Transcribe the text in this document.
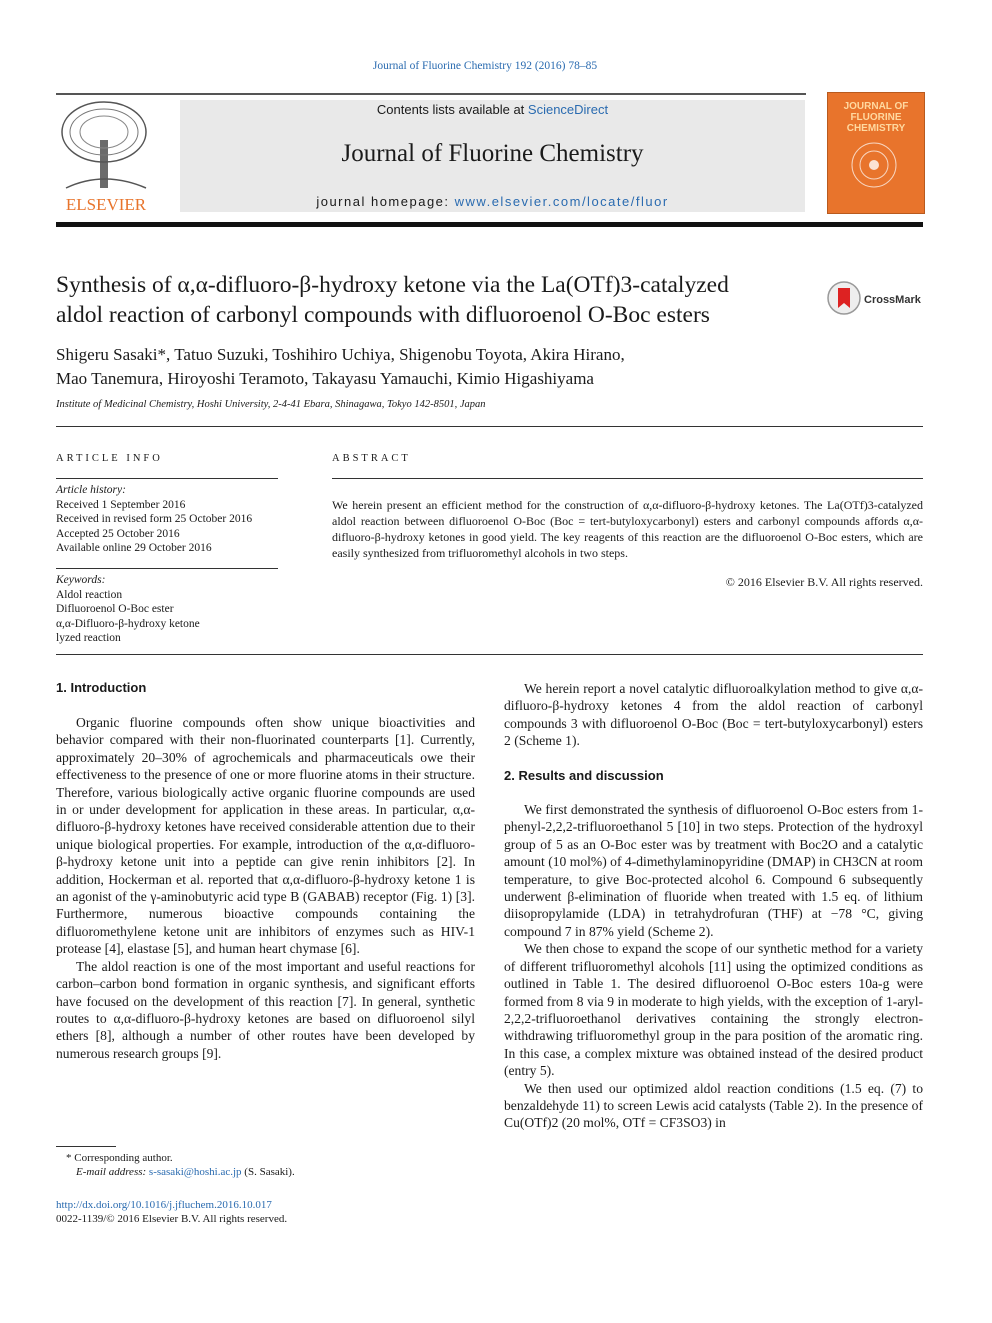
Journal of Fluorine Chemistry 192 (2016) 78–85
ELSEVIER
Contents lists available at ScienceDirect
Journal of Fluorine Chemistry
journal homepage: www.elsevier.com/locate/fluor
JOURNAL OF FLUORINE CHEMISTRY
Synthesis of α,α-difluoro-β-hydroxy ketone via the La(OTf)3-catalyzed
aldol reaction of carbonyl compounds with difluoroenol O-Boc esters
CrossMark
Shigeru Sasaki*, Tatuo Suzuki, Toshihiro Uchiya, Shigenobu Toyota, Akira Hirano,
Mao Tanemura, Hiroyoshi Teramoto, Takayasu Yamauchi, Kimio Higashiyama
Institute of Medicinal Chemistry, Hoshi University, 2-4-41 Ebara, Shinagawa, Tokyo 142-8501, Japan
ARTICLE INFO
Article history:
Received 1 September 2016
Received in revised form 25 October 2016
Accepted 25 October 2016
Available online 29 October 2016
Keywords:
Aldol reaction
Difluoroenol O-Boc ester
α,α-Difluoro-β-hydroxy ketone
lyzed reaction
ABSTRACT
We herein present an efficient method for the construction of α,α-difluoro-β-hydroxy ketones. The La(OTf)3-catalyzed aldol reaction between difluoroenol O-Boc (Boc = tert-butyloxycarbonyl) esters and carbonyl compounds affords α,α-difluoro-β-hydroxy ketones in good yield. The key reagents of this reaction are the difluoroenol O-Boc esters, which are easily synthesized from trifluoromethyl alcohols in two steps.
© 2016 Elsevier B.V. All rights reserved.
1. Introduction

Organic fluorine compounds often show unique bioactivities and behavior compared with their non-fluorinated counterparts [1]. Currently, approximately 20–30% of agrochemicals and pharmaceuticals owe their effectiveness to the presence of one or more fluorine atoms in their structure. Therefore, various biologically active organic fluorine compounds are used in or under development for application in these areas. In particular, α,α-difluoro-β-hydroxy ketones have received considerable attention due to their unique biological properties. For example, introduction of the α,α-difluoro-β-hydroxy ketone unit into a peptide can give renin inhibitors [2]. In addition, Hockerman et al. reported that α,α-difluoro-β-hydroxy ketone 1 is an agonist of the γ-aminobutyric acid type B (GABAB) receptor (Fig. 1) [3]. Furthermore, numerous bioactive compounds containing the difluoromethylene ketone unit are inhibitors of enzymes such as HIV-1 protease [4], elastase [5], and human heart chymase [6].

The aldol reaction is one of the most important and useful reactions for carbon–carbon bond formation in organic synthesis, and significant efforts have focused on the development of this reaction [7]. In general, synthetic routes to α,α-difluoro-β-hydroxy ketones are based on difluoroenol silyl ethers [8], although a number of other routes have been developed by numerous research groups [9].

* Corresponding author.
E-mail address: s-sasaki@hoshi.ac.jp (S. Sasaki).
http://dx.doi.org/10.1016/j.jfluchem.2016.10.017
0022-1139/© 2016 Elsevier B.V. All rights reserved.

We herein report a novel catalytic difluoroalkylation method to give α,α-difluoro-β-hydroxy ketones 4 from the aldol reaction of carbonyl compounds 3 with difluoroenol O-Boc (Boc = tert-butyloxycarbonyl) esters 2 (Scheme 1).

2. Results and discussion

We first demonstrated the synthesis of difluoroenol O-Boc esters from 1-phenyl-2,2,2-trifluoroethanol 5 [10] in two steps. Protection of the hydroxyl group of 5 as an O-Boc ester was by treatment with Boc2O and a catalytic amount (10 mol%) of 4-dimethylaminopyridine (DMAP) in CH3CN at room temperature, to give Boc-protected alcohol 6. Compound 6 subsequently underwent β-elimination of fluoride when treated with 1.5 eq. of lithium diisopropylamide (LDA) in tetrahydrofuran (THF) at −78 °C, giving compound 7 in 87% yield (Scheme 2).

We then chose to expand the scope of our synthetic method for a variety of different trifluoromethyl alcohols [11] using the optimized conditions as outlined in Table 1. The desired difluoroenol O-Boc esters 10a-g were formed from 8 via 9 in moderate to high yields, with the exception of 1-aryl-2,2,2-trifluoroethanol derivatives containing the strongly electron-withdrawing trifluoromethyl group in the para position of the aromatic ring. In this case, a complex mixture was obtained instead of the desired product (entry 5).

We then used our optimized aldol reaction conditions (1.5 eq. (7) to benzaldehyde 11) to screen Lewis acid catalysts (Table 2). In the presence of Cu(OTf)2 (20 mol%, OTf = CF3SO3) in
